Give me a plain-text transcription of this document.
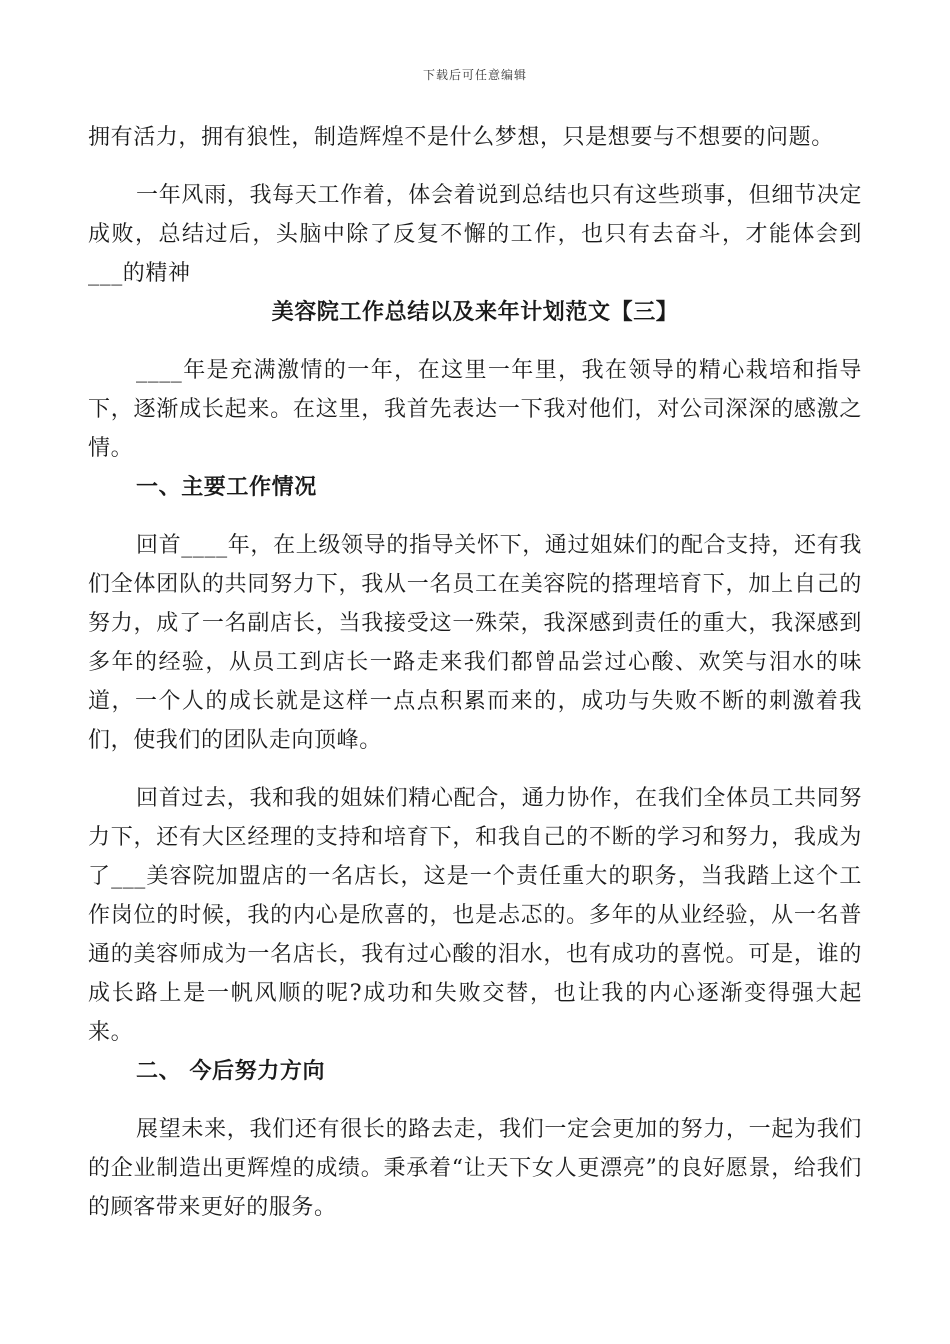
下载后可任意编辑

拥有活力，拥有狼性，制造辉煌不是什么梦想，只是想要与不想要的问题。

一年风雨，我每天工作着，体会着说到总结也只有这些琐事，但细节决定成败，总结过后，头脑中除了反复不懈的工作，也只有去奋斗，才能体会到___的精神

美容院工作总结以及来年计划范文【三】

____年是充满激情的一年，在这里一年里，我在领导的精心栽培和指导下，逐渐成长起来。在这里，我首先表达一下我对他们，对公司深深的感激之情。

一、主要工作情况

回首____年，在上级领导的指导关怀下，通过姐妹们的配合支持，还有我们全体团队的共同努力下，我从一名员工在美容院的搭理培育下，加上自己的努力，成了一名副店长，当我接受这一殊荣，我深感到责任的重大，我深感到多年的经验，从员工到店长一路走来我们都曾品尝过心酸、欢笑与泪水的味道，一个人的成长就是这样一点点积累而来的，成功与失败不断的刺激着我们，使我们的团队走向顶峰。

回首过去，我和我的姐妹们精心配合，通力协作，在我们全体员工共同努力下，还有大区经理的支持和培育下，和我自己的不断的学习和努力，我成为了___美容院加盟店的一名店长，这是一个责任重大的职务，当我踏上这个工作岗位的时候，我的内心是欣喜的，也是忐忑的。多年的从业经验，从一名普通的美容师成为一名店长，我有过心酸的泪水，也有成功的喜悦。可是，谁的成长路上是一帆风顺的呢?成功和失败交替，也让我的内心逐渐变得强大起来。

二、 今后努力方向

展望未来，我们还有很长的路去走，我们一定会更加的努力，一起为我们的企业制造出更辉煌的成绩。秉承着“让天下女人更漂亮”的良好愿景，给我们的顾客带来更好的服务。
